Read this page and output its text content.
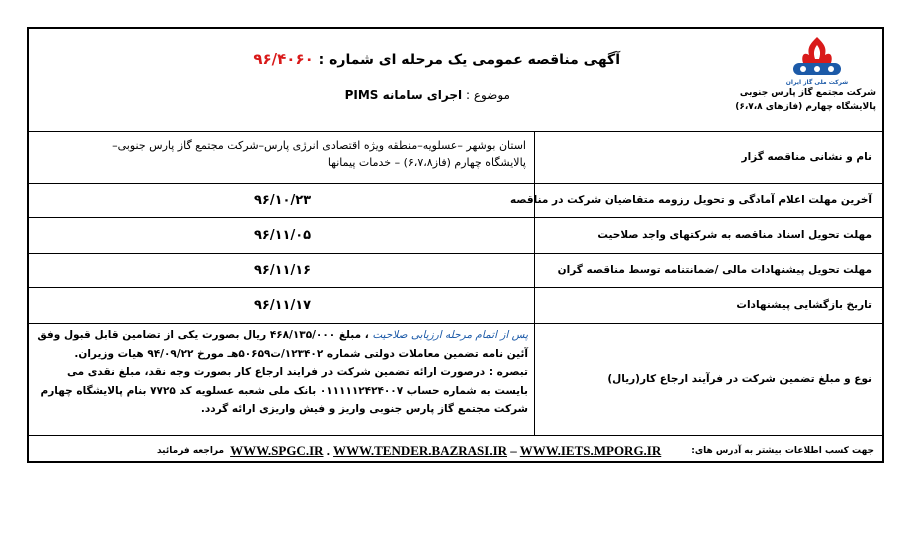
شرکت ملی گاز ایران
شرکت مجتمع گاز پارس جنوبی
پالایشگاه چهارم (فازهای ۶،۷،۸)
آگهی مناقصه عمومی یک مرحله ای شماره : ۹۶/۴۰۶۰
موضوع : اجرای سامانه PIMS
نام و نشانی مناقصه گزار
استان بوشهر –عسلویه–منطقه ویژه اقتصادی انرژی پارس–شرکت مجتمع گاز پارس جنوبی–
پالایشگاه چهارم (فاز۶،۷،۸) – خدمات پیمانها
آخرین مهلت اعلام آمادگی و تحویل رزومه متقاضیان شرکت در مناقصه
۹۶/۱۰/۲۳
مهلت تحویل اسناد مناقصه به شرکتهای واجد صلاحیت
۹۶/۱۱/۰۵
مهلت تحویل پیشنهادات مالی /ضمانتنامه توسط مناقصه گران
۹۶/۱۱/۱۶
تاریخ بازگشایی پیشنهادات
۹۶/۱۱/۱۷
نوع و مبلغ تضمین شرکت در فرآیند ارجاع کار(ریال)
پس از اتمام مرحله ارزیابی صلاحیت ، مبلغ ۴۶۸/۱۳۵/۰۰۰ ریال بصورت یکی از تضامین قابل قبول وفق آئین نامه تضمین معاملات دولتی شماره ۱۲۳۴۰۲/ت۵۰۶۵۹هـ مورخ ۹۴/۰۹/۲۲ هیات وزیران.
تبصره : درصورت ارائه تضمین شرکت در فرایند ارجاع کار بصورت وجه نقد، مبلغ نقدی می بایست به شماره حساب ۰۱۱۱۱۱۲۴۲۴۰۰۷ بانک ملی شعبه عسلویه کد ۷۷۲۵ بنام پالایشگاه چهارم شرکت مجتمع گاز پارس جنوبی واریز و فیش واریزی ارائه گردد.
جهت کسب اطلاعات بیشتر به آدرس های:
WWW.SPGC.IR . WWW.TENDER.BAZRASI.IR – WWW.IETS.MPORG.IR
مراجعه فرمائید
